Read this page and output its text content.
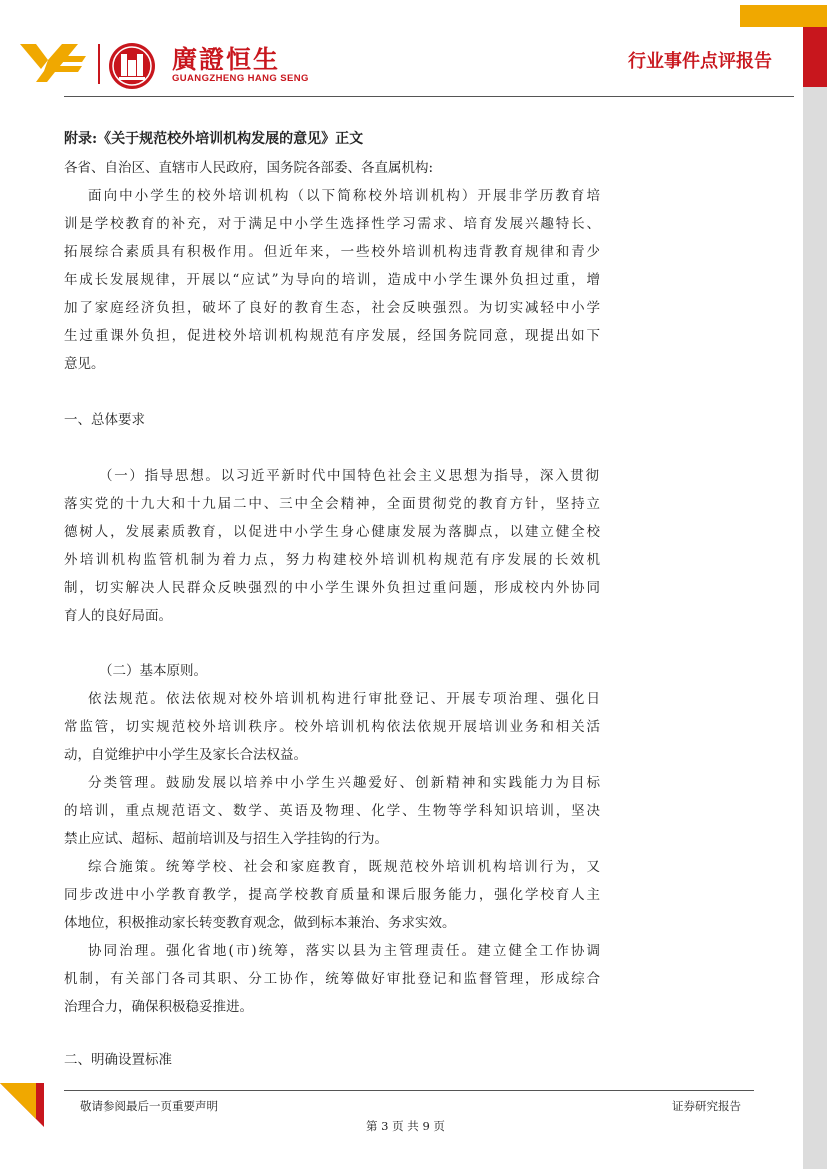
廣證恒生
GUANGZHENG HANG SENG
行业事件点评报告
附录:《关于规范校外培训机构发展的意见》正文
各省、自治区、直辖市人民政府，国务院各部委、各直属机构:
面向中小学生的校外培训机构（以下简称校外培训机构）开展非学历教育培
训是学校教育的补充，对于满足中小学生选择性学习需求、培育发展兴趣特长、
拓展综合素质具有积极作用。但近年来，一些校外培训机构违背教育规律和青少
年成长发展规律，开展以“应试”为导向的培训，造成中小学生课外负担过重，增
加了家庭经济负担，破坏了良好的教育生态，社会反映强烈。为切实减轻中小学
生过重课外负担，促进校外培训机构规范有序发展，经国务院同意，现提出如下
意见。
一、总体要求
（一）指导思想。以习近平新时代中国特色社会主义思想为指导，深入贯彻
落实党的十九大和十九届二中、三中全会精神，全面贯彻党的教育方针，坚持立
德树人，发展素质教育，以促进中小学生身心健康发展为落脚点，以建立健全校
外培训机构监管机制为着力点，努力构建校外培训机构规范有序发展的长效机
制，切实解决人民群众反映强烈的中小学生课外负担过重问题，形成校内外协同
育人的良好局面。
（二）基本原则。
依法规范。依法依规对校外培训机构进行审批登记、开展专项治理、强化日
常监管，切实规范校外培训秩序。校外培训机构依法依规开展培训业务和相关活
动，自觉维护中小学生及家长合法权益。
分类管理。鼓励发展以培养中小学生兴趣爱好、创新精神和实践能力为目标
的培训，重点规范语文、数学、英语及物理、化学、生物等学科知识培训，坚决
禁止应试、超标、超前培训及与招生入学挂钩的行为。
综合施策。统筹学校、社会和家庭教育，既规范校外培训机构培训行为，又
同步改进中小学教育教学，提高学校教育质量和课后服务能力，强化学校育人主
体地位，积极推动家长转变教育观念，做到标本兼治、务求实效。
协同治理。强化省地(市)统筹，落实以县为主管理责任。建立健全工作协调
机制，有关部门各司其职、分工协作，统筹做好审批登记和监督管理，形成综合
治理合力，确保积极稳妥推进。
二、明确设置标准
敬请参阅最后一页重要声明	证券研究报告
第 3 页 共 9 页
